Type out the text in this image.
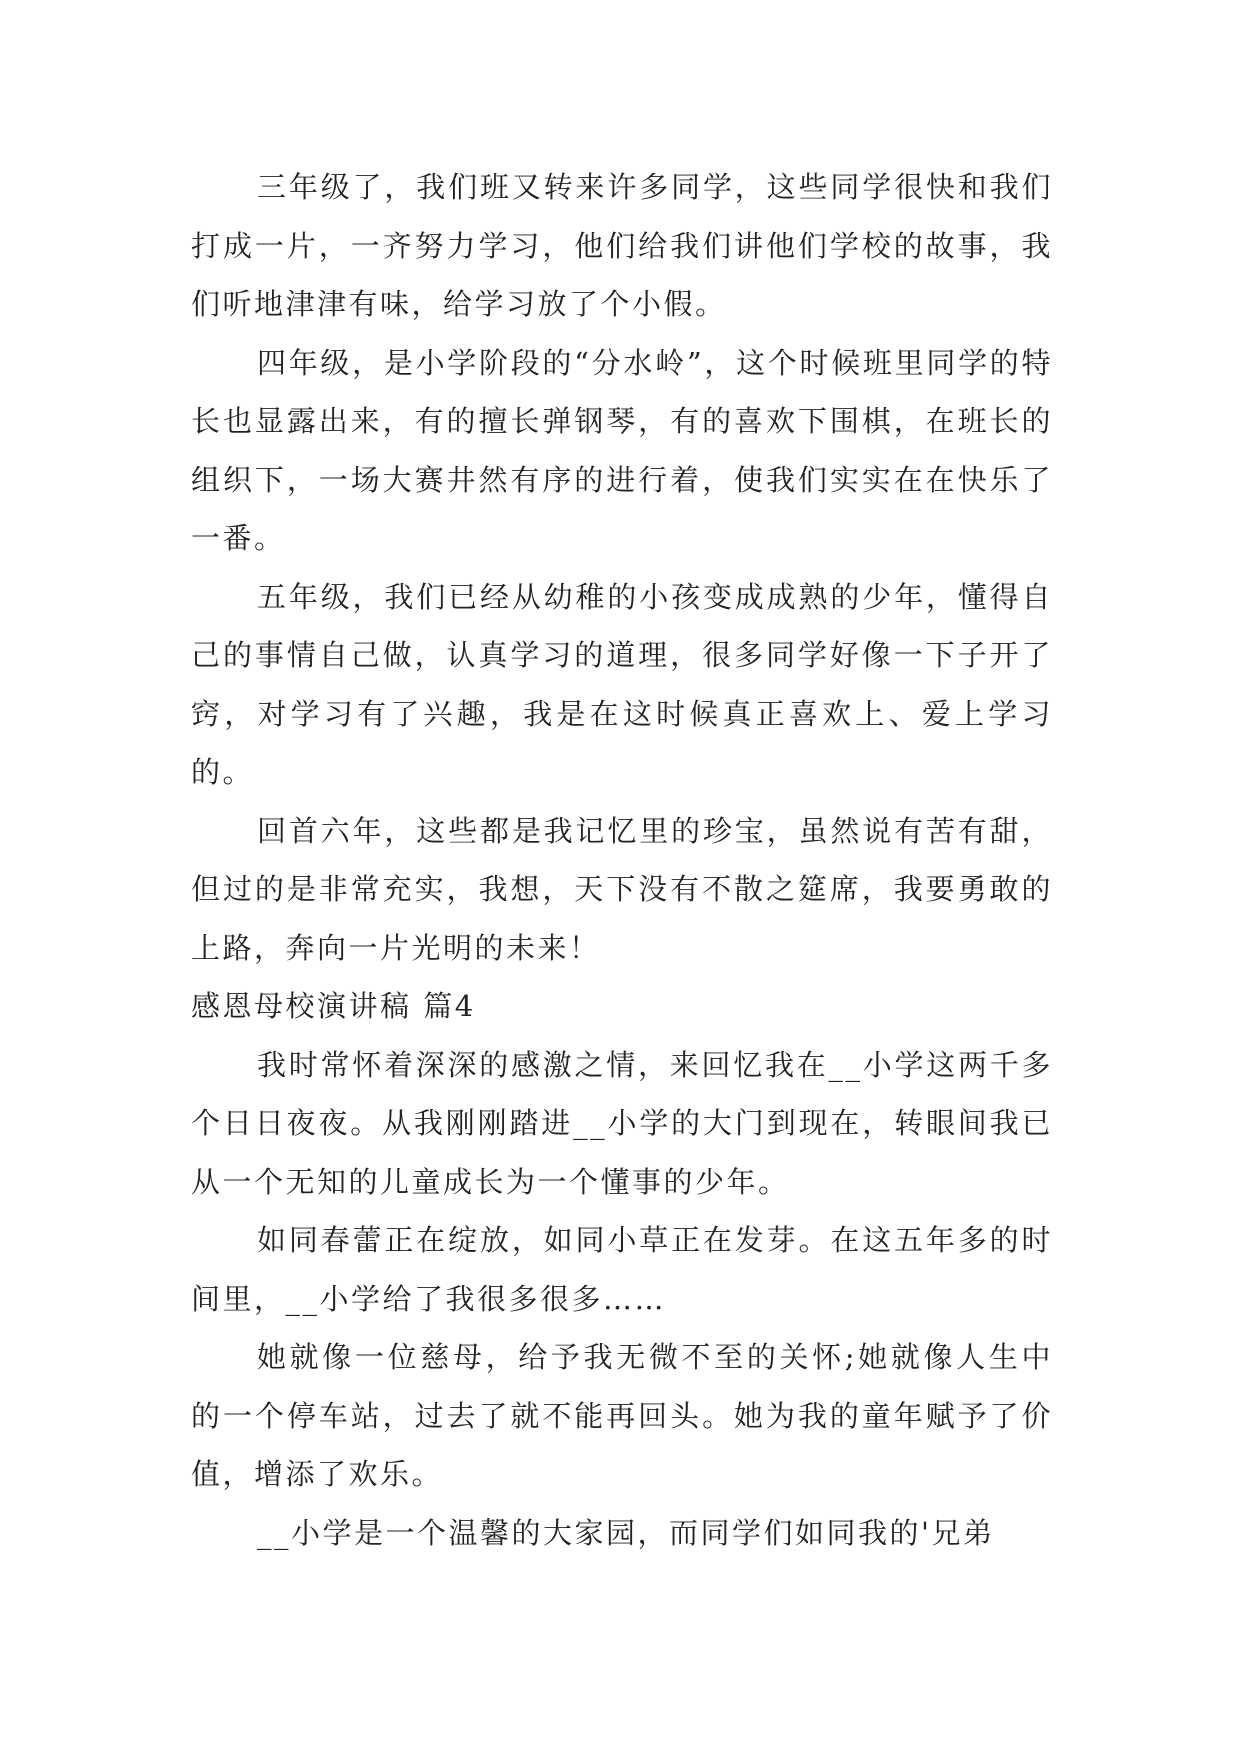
三年级了，我们班又转来许多同学，这些同学很快和我们打成一片，一齐努力学习，他们给我们讲他们学校的故事，我们听地津津有味，给学习放了个小假。

四年级，是小学阶段的“分水岭”，这个时候班里同学的特长也显露出来，有的擅长弹钢琴，有的喜欢下围棋，在班长的组织下，一场大赛井然有序的进行着，使我们实实在在快乐了一番。

五年级，我们已经从幼稚的小孩变成成熟的少年，懂得自己的事情自己做，认真学习的道理，很多同学好像一下子开了窍，对学习有了兴趣，我是在这时候真正喜欢上、爱上学习的。

回首六年，这些都是我记忆里的珍宝，虽然说有苦有甜，但过的是非常充实，我想，天下没有不散之筵席，我要勇敢的上路，奔向一片光明的未来！

感恩母校演讲稿 篇4

我时常怀着深深的感激之情，来回忆我在__小学这两千多个日日夜夜。从我刚刚踏进__小学的大门到现在，转眼间我已从一个无知的儿童成长为一个懂事的少年。

如同春蕾正在绽放，如同小草正在发芽。在这五年多的时间里，__小学给了我很多很多……

她就像一位慈母，给予我无微不至的关怀;她就像人生中的一个停车站，过去了就不能再回头。她为我的童年赋予了价值，增添了欢乐。

__小学是一个温馨的大家园，而同学们如同我的'兄弟
